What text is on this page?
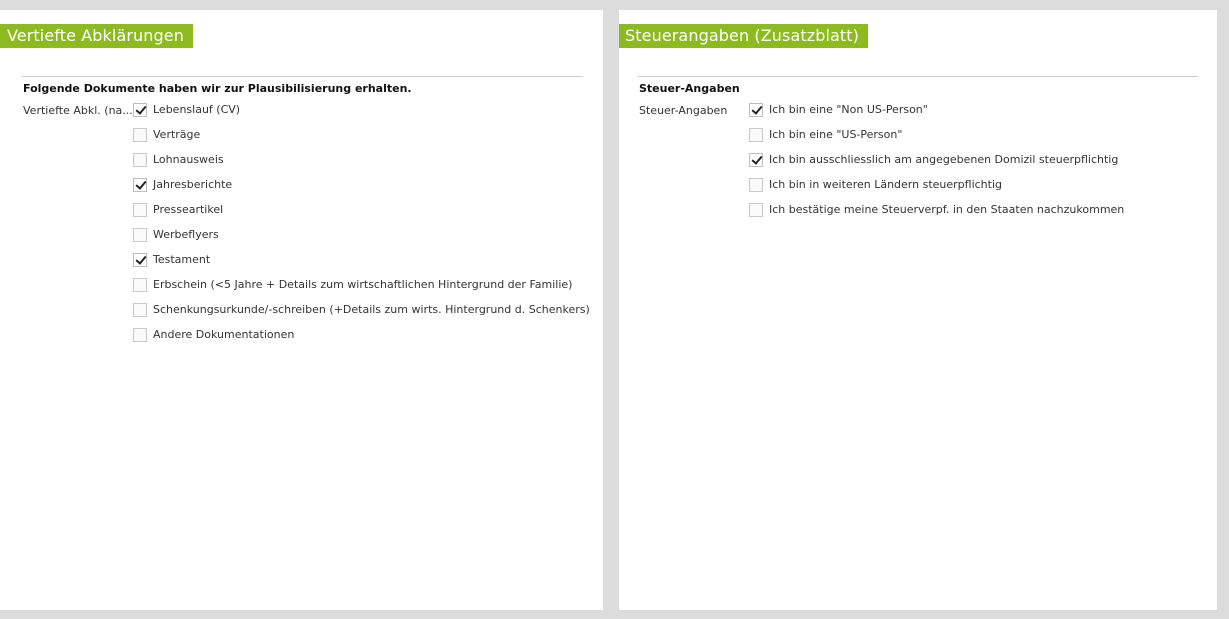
Vertiefte Abklärungen
Folgende Dokumente haben wir zur Plausibilisierung erhalten.
Vertiefte Abkl. (na... Lebenslauf (CV)
Verträge
Lohnausweis
Jahresberichte
Presseartikel
Werbeflyers
Testament
Erbschein (<5 Jahre + Details zum wirtschaftlichen Hintergrund der Familie)
Schenkungsurkunde/-schreiben (+Details zum wirts. Hintergrund d. Schenkers)
Andere Dokumentationen
Steuerangaben (Zusatzblatt)
Steuer-Angaben
Steuer-Angaben	Ich bin eine "Non US-Person"
Ich bin eine "US-Person"
Ich bin ausschliesslich am angegebenen Domizil steuerpflichtig
Ich bin in weiteren Ländern steuerpflichtig
Ich bestätige meine Steuerverpf. in den Staaten nachzukommen
